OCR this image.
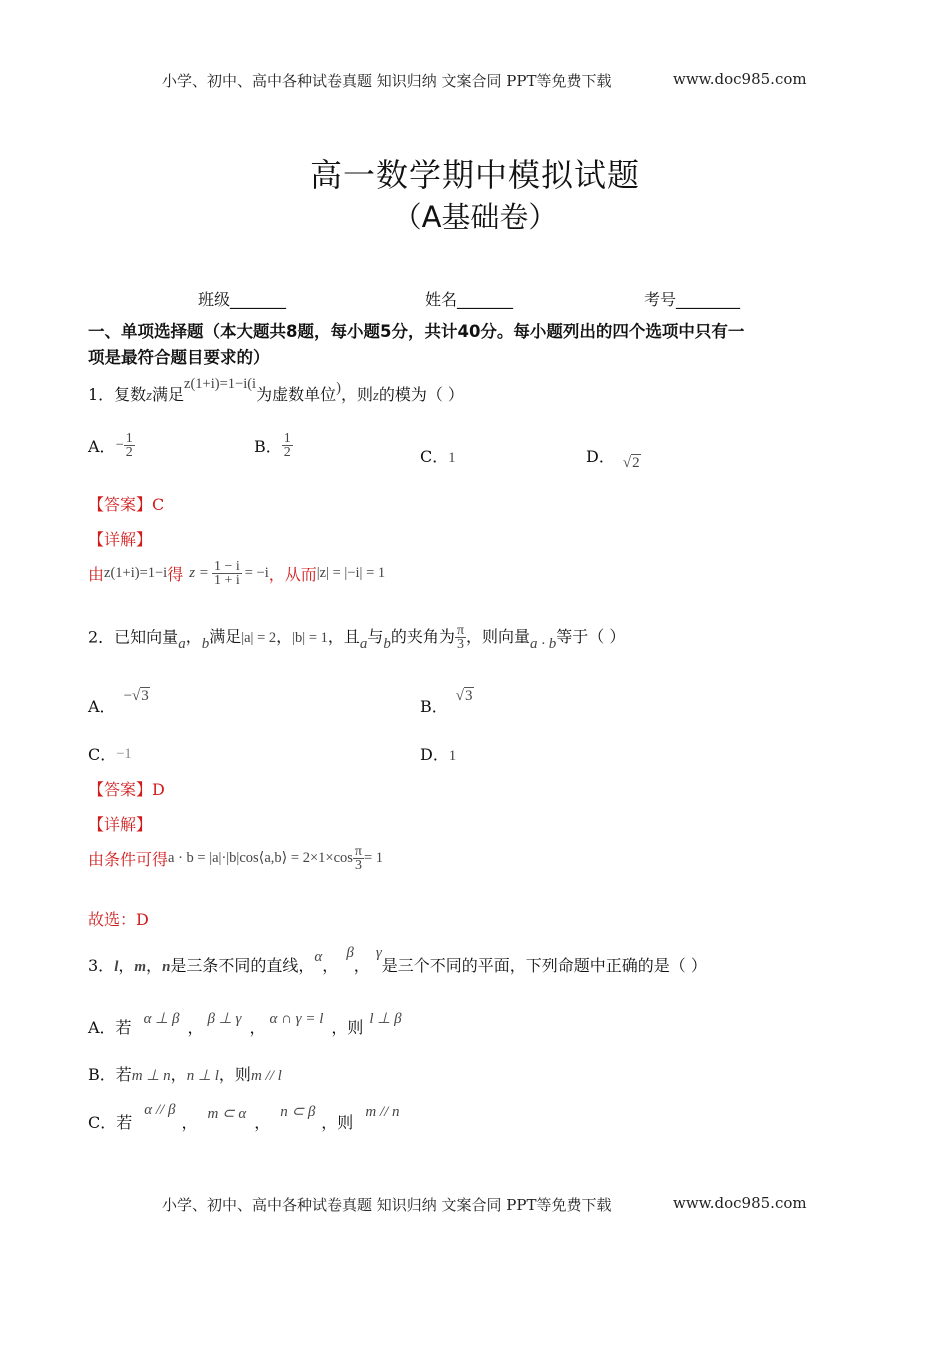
小学、初中、高中各种试卷真题 知识归纳 文案合同 PPT等免费下载	www.doc985.com
高一数学期中模拟试题
（A基础卷）
班级_______	姓名_______	考号________
一、单项选择题（本大题共8题，每小题5分，共计40分。每小题列出的四个选项中只有一
项是最符合题目要求的）
1．复数z满足z(1+i)=1−i(i为虚数单位)，则z的模为（ ）
A．− $\frac{1}{2}$	B． $\frac{1}{2}$	C．1	D． √2
【答案】C
【详解】
由z(1+i)=1−i得 $z = \frac{1 - i}{1 + i} = -i$，从而|z| = |−i| = 1
2．已知向量a，b满足|a| = 2，|b| = 1，且a与b的夹角为 $\frac{\pi}{3}$ ，则向量a · b等于（ ）
A．−√3
B．√3
C．−1	D．1
【答案】D
【详解】
由条件可得a · b = |a|·|b|cos⟨a,b⟩ = $2\times 1\times\cos \frac{\pi}{3} = 1$
故选：D
3．l，m，n是三条不同的直线，α，β，γ是三个不同的平面，下列命题中正确的是（ ）
A．若 α ⊥ β ， β ⊥ γ ， α ∩ γ = l ，则 l ⊥ β
B．若m ⊥ n，n ⊥ l，则m // l
C．若α // β， m ⊂ α ，n ⊂ β，则m // n
小学、初中、高中各种试卷真题 知识归纳 文案合同 PPT等免费下载	www.doc985.com
